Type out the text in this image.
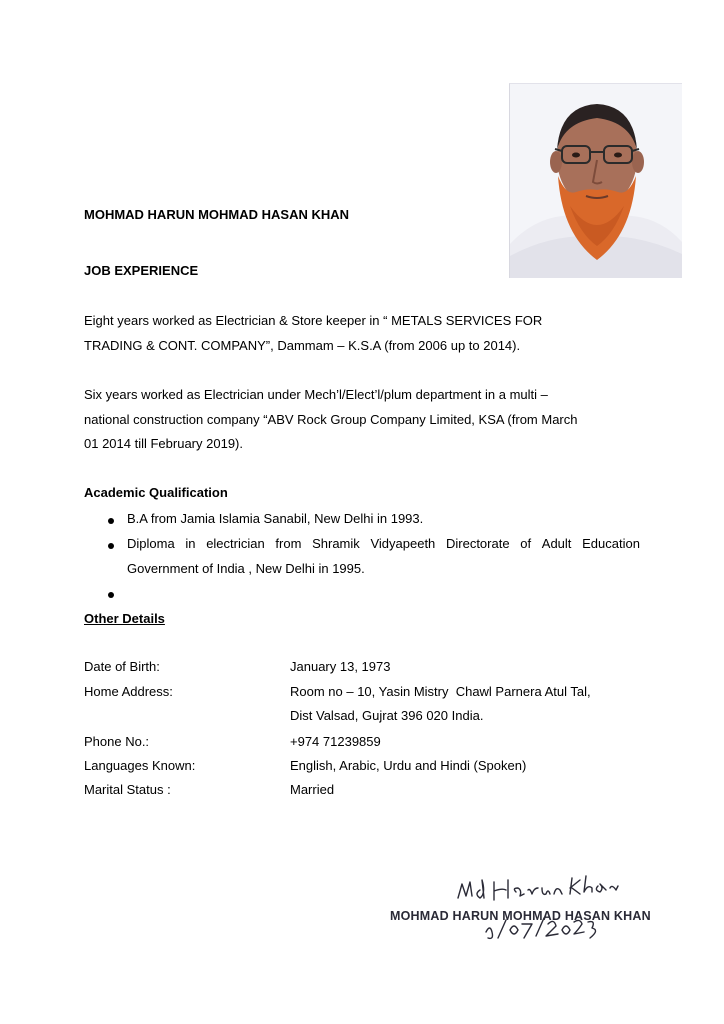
MOHMAD HARUN MOHMAD HASAN KHAN
JOB EXPERIENCE
Eight years worked as Electrician & Store keeper in “ METALS SERVICES FOR
TRADING & CONT. COMPANY”, Dammam – K.S.A (from 2006 up to 2014).
Six years worked as Electrician under Mech’l/Elect’l/plum department in a multi –
national construction company “ABV Rock Group Company Limited, KSA (from March
01 2014 till February 2019).
Academic Qualification
B.A from Jamia Islamia Sanabil, New Delhi in 1993.
Diploma in electrician from Shramik Vidyapeeth Directorate of Adult Education
Government of India , New Delhi in 1995.
Other Details
Date of Birth:	January 13, 1973
Home Address:	Room no – 10, Yasin Mistry  Chawl Parnera Atul Tal,
Dist Valsad, Gujrat 396 020 India.
Phone No.:	+974 71239859
Languages Known:	English, Arabic, Urdu and Hindi (Spoken)
Marital Status :	Married
MOHMAD HARUN MOHMAD HASAN KHAN
